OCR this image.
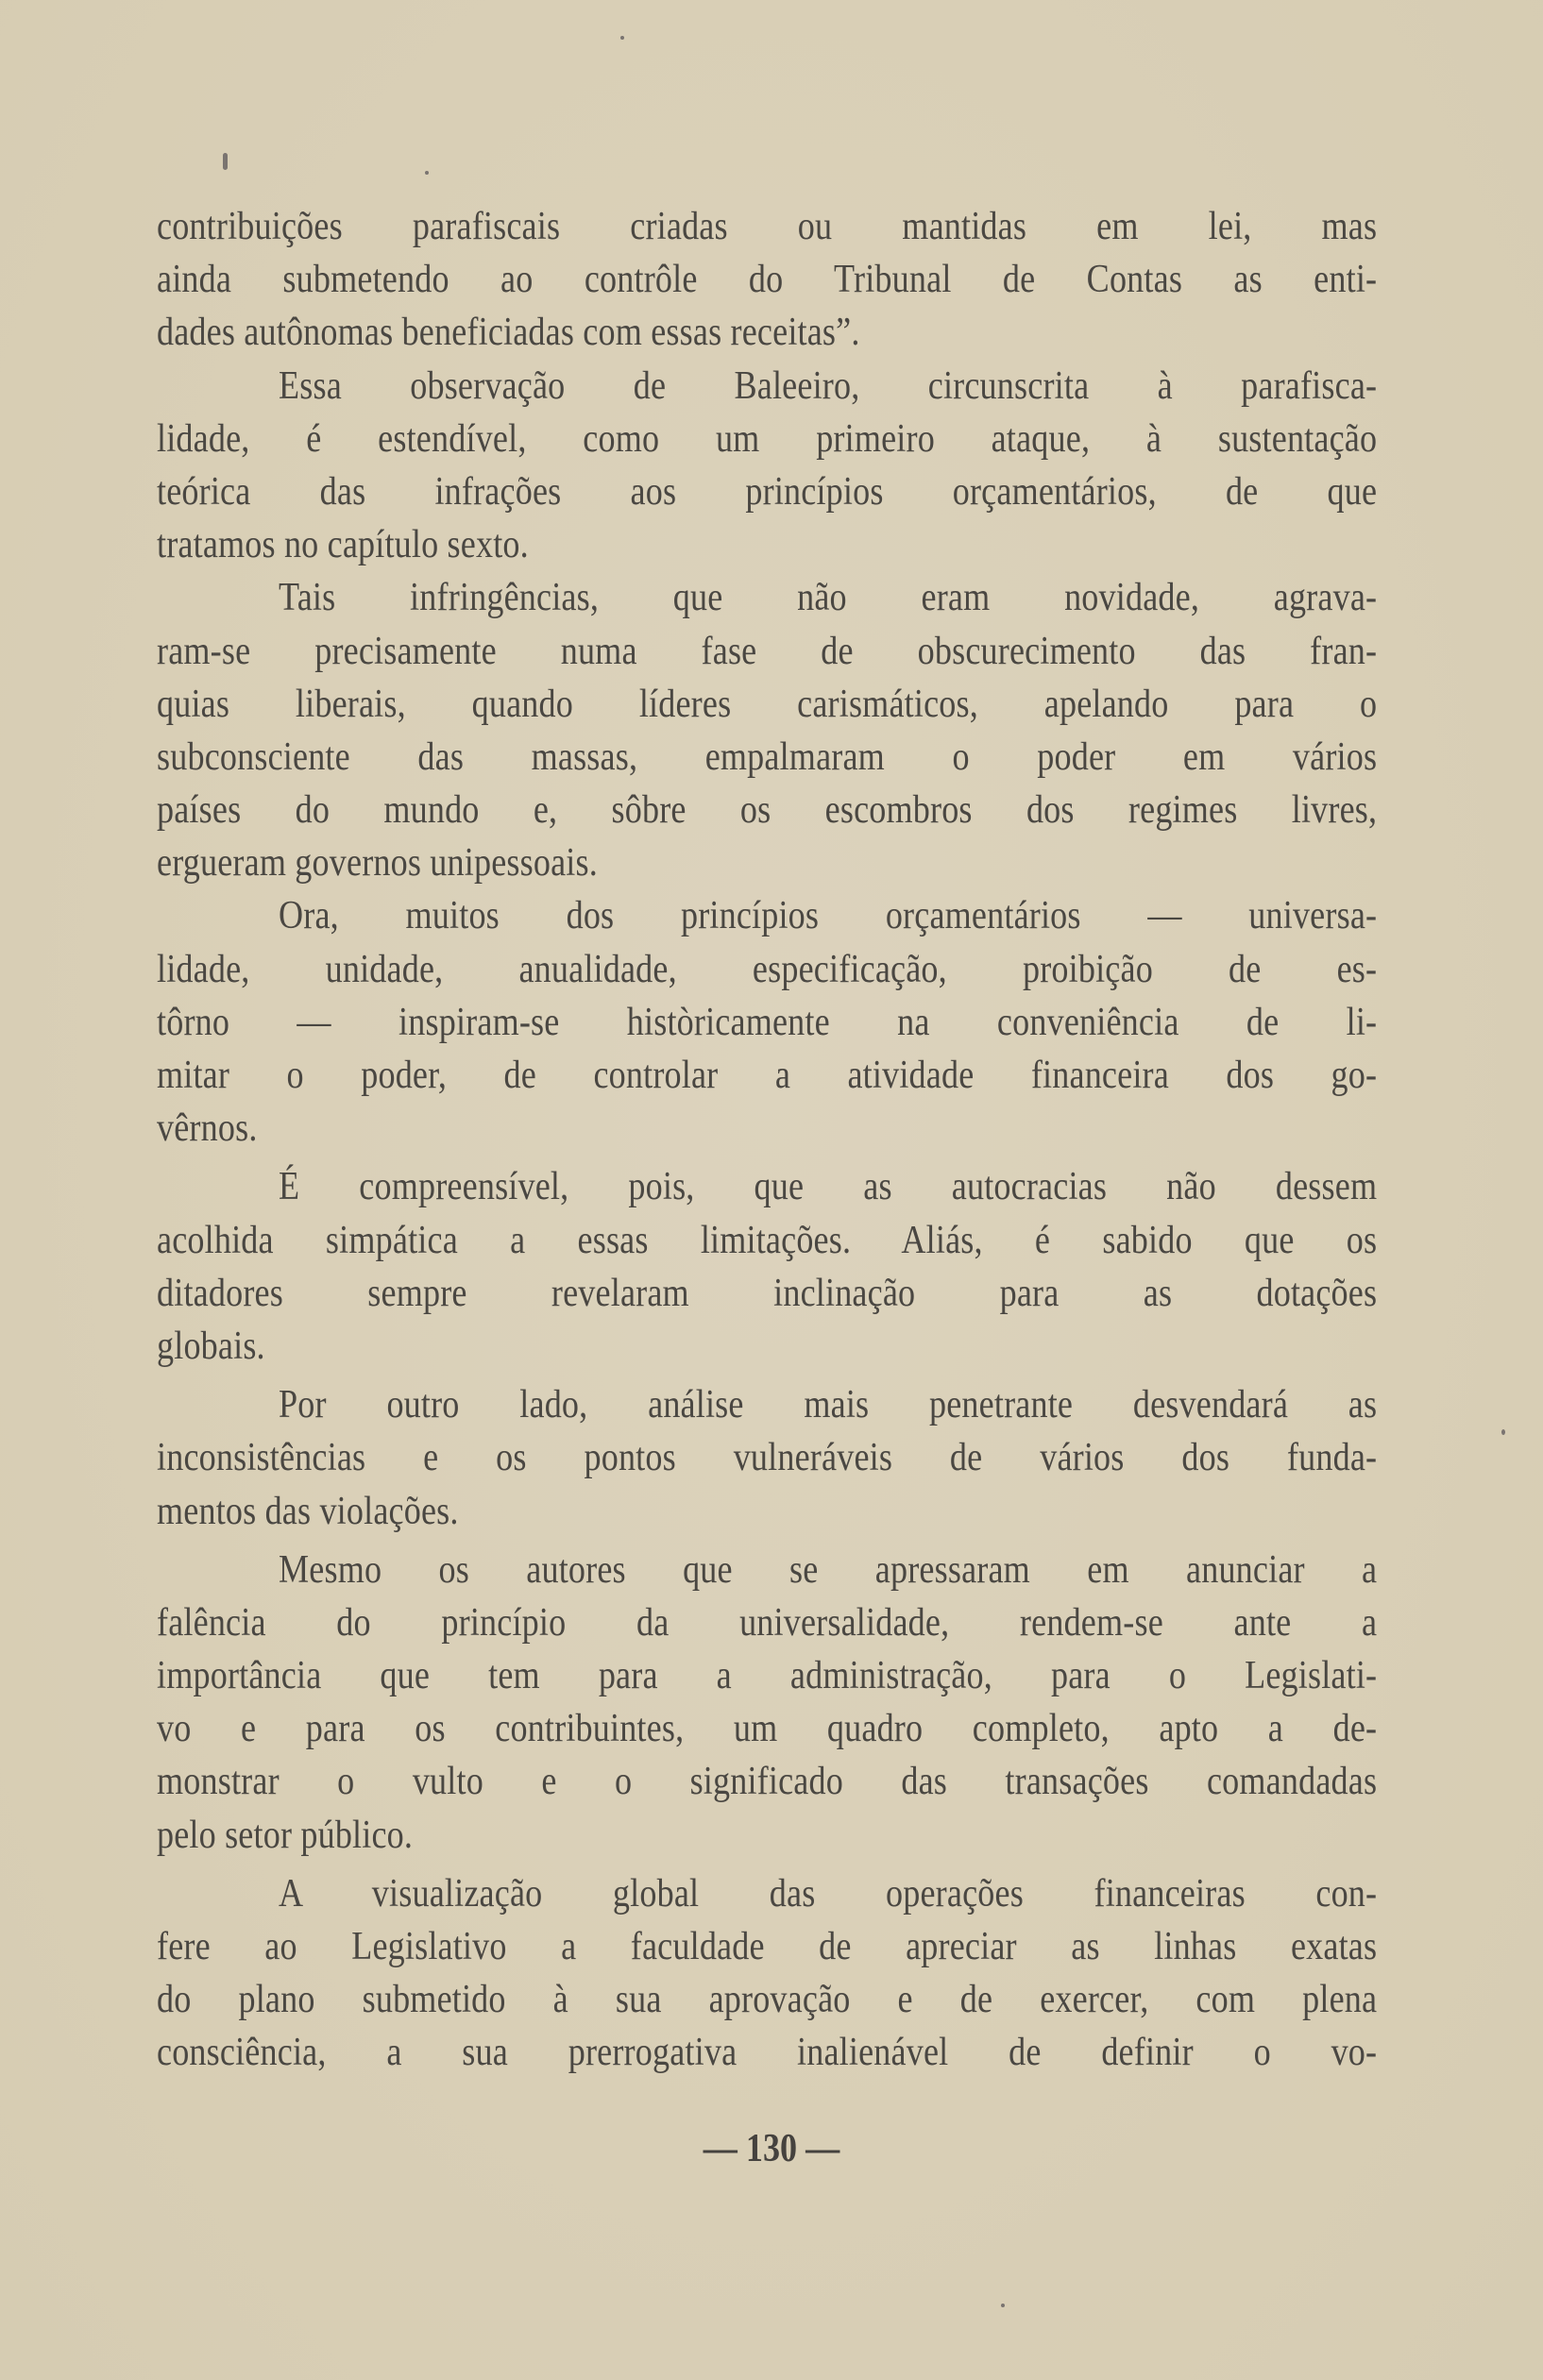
contribuições parafiscais criadas ou mantidas em lei, mas
ainda submetendo ao contrôle do Tribunal de Contas as enti-
dades autônomas beneficiadas com essas receitas”.
Essa observação de Baleeiro, circunscrita à parafisca-
lidade, é estendível, como um primeiro ataque, à sustentação
teórica das infrações aos princípios orçamentários, de que
tratamos no capítulo sexto.
Tais infringências, que não eram novidade, agrava-
ram-se precisamente numa fase de obscurecimento das fran-
quias liberais, quando líderes carismáticos, apelando para o
subconsciente das massas, empalmaram o poder em vários
países do mundo e, sôbre os escombros dos regimes livres,
ergueram governos unipessoais.
Ora, muitos dos princípios orçamentários — universa-
lidade, unidade, anualidade, especificação, proibição de es-
tôrno — inspiram-se històricamente na conveniência de li-
mitar o poder, de controlar a atividade financeira dos go-
vêrnos.
É compreensível, pois, que as autocracias não dessem
acolhida simpática a essas limitações. Aliás, é sabido que os
ditadores sempre revelaram inclinação para as dotações
globais.
Por outro lado, análise mais penetrante desvendará as
inconsistências e os pontos vulneráveis de vários dos funda-
mentos das violações.
Mesmo os autores que se apressaram em anunciar a
falência do princípio da universalidade, rendem-se ante a
importância que tem para a administração, para o Legislati-
vo e para os contribuintes, um quadro completo, apto a de-
monstrar o vulto e o significado das transações comandadas
pelo setor público.
A visualização global das operações financeiras con-
fere ao Legislativo a faculdade de apreciar as linhas exatas
do plano submetido à sua aprovação e de exercer, com plena
consciência, a sua prerrogativa inalienável de definir o vo-
— 130 —
